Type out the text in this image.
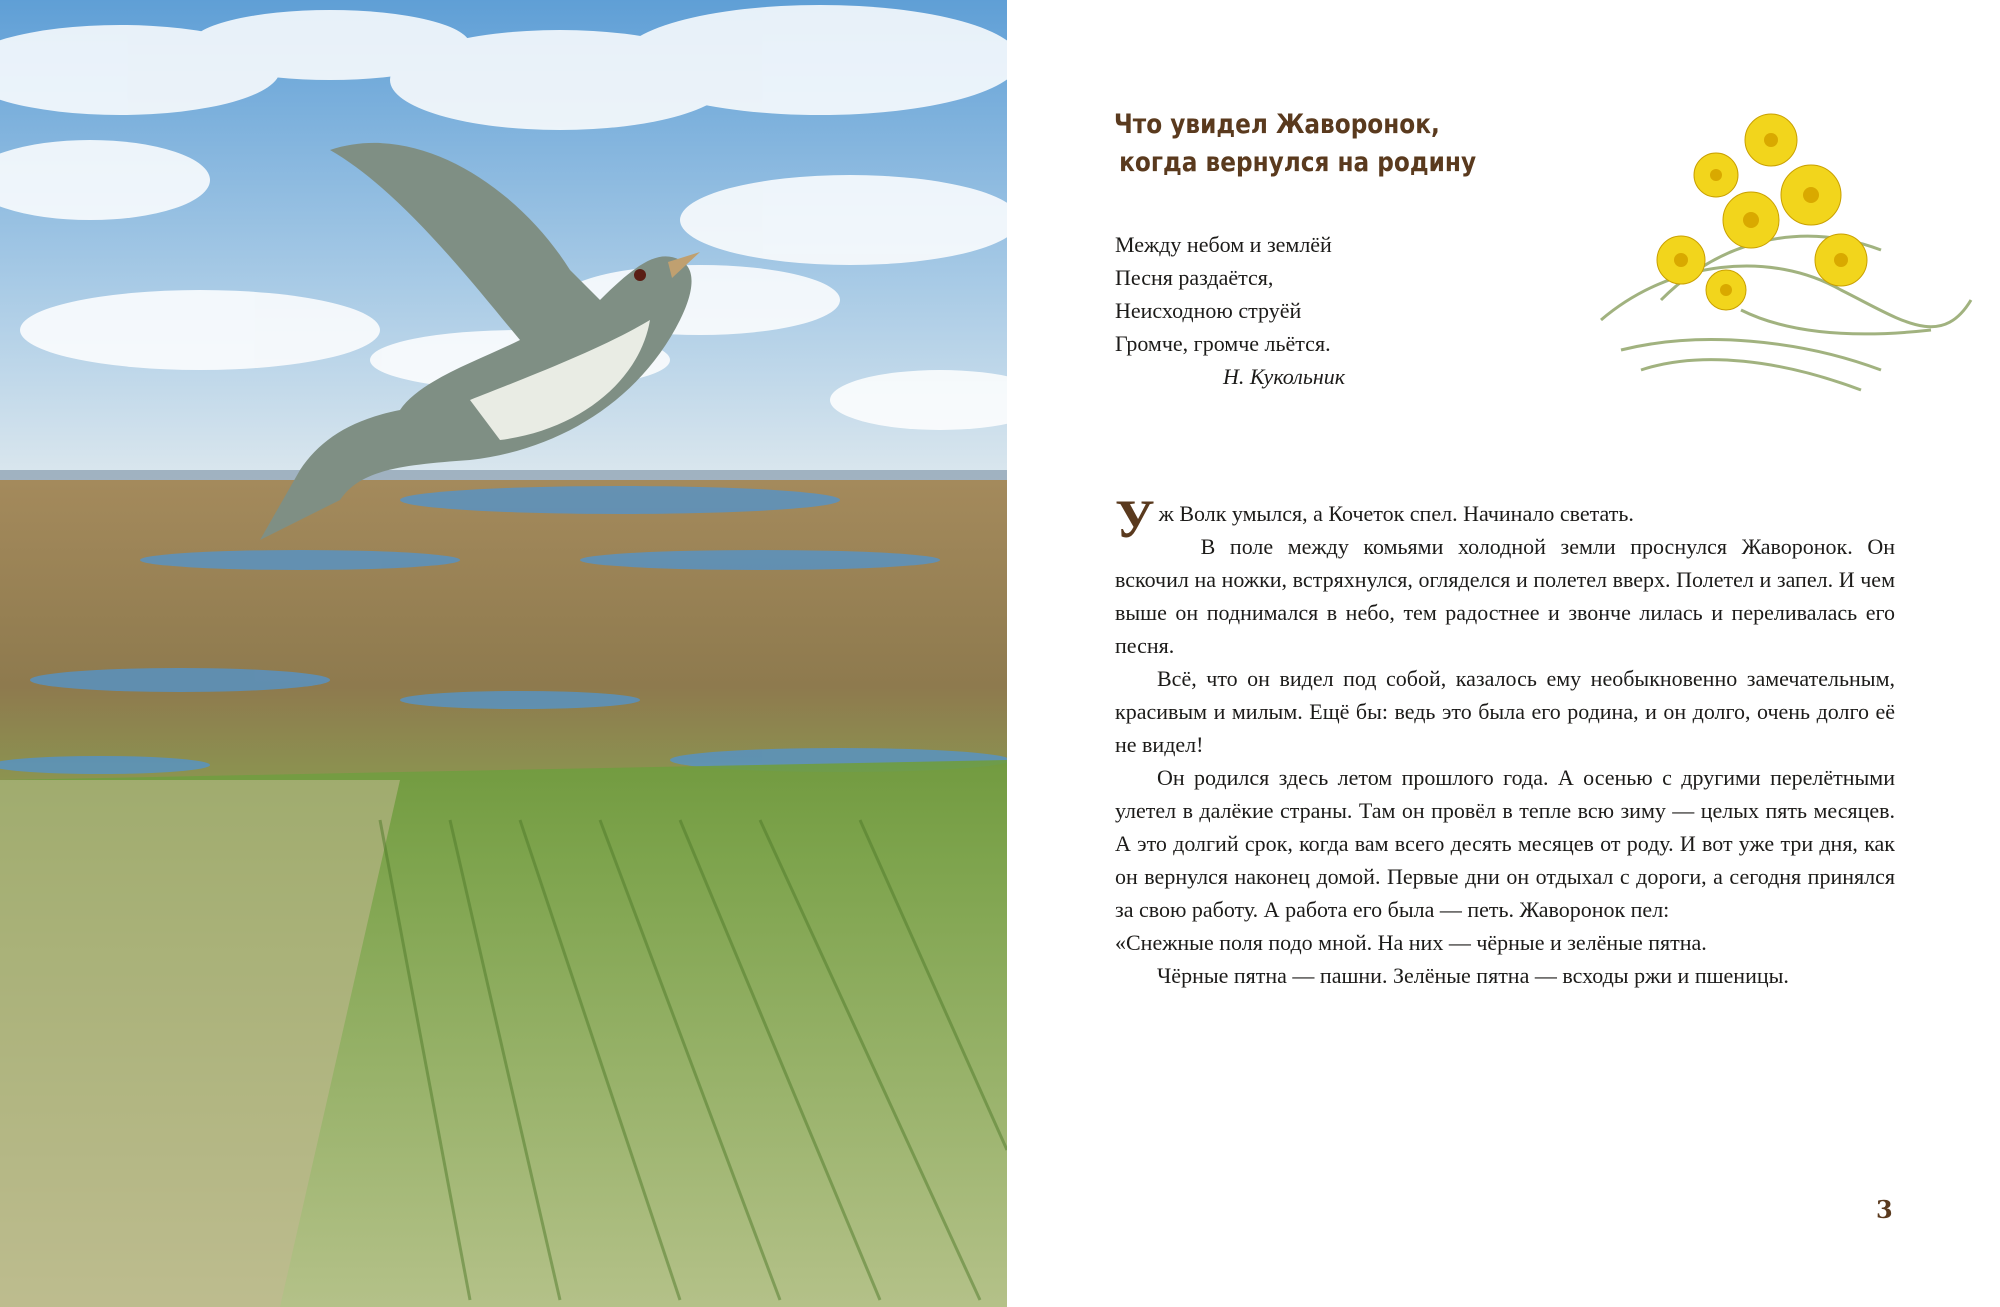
Что увидел Жаворонок,
когда вернулся на родину
Между небом и землёй
Песня раздаётся,
Неисходною струёй
Громче, громче льётся.
Н. Кукольник

Уж Волк умылся, а Кочеток спел. Начинало светать.

В поле между комьями холодной земли проснулся Жаворонок. Он вскочил на ножки, встряхнулся, огляделся и полетел вверх. Полетел и запел. И чем выше он поднимался в небо, тем радостнее и звонче лилась и переливалась его песня.

Всё, что он видел под собой, казалось ему необыкновенно замечательным, красивым и милым. Ещё бы: ведь это была его родина, и он долго, очень долго её не видел!

Он родился здесь летом прошлого года. А осенью с другими перелётными улетел в далёкие страны. Там он провёл в тепле всю зиму — целых пять месяцев. А это долгий срок, когда вам всего десять месяцев от роду. И вот уже три дня, как он вернулся наконец домой. Первые дни он отдыхал с дороги, а сегодня принялся за свою работу. А работа его была — петь. Жаворонок пел:

«Снежные поля подо мной. На них — чёрные и зелёные пятна.

Чёрные пятна — пашни. Зелёные пятна — всходы ржи и пшеницы.

3
